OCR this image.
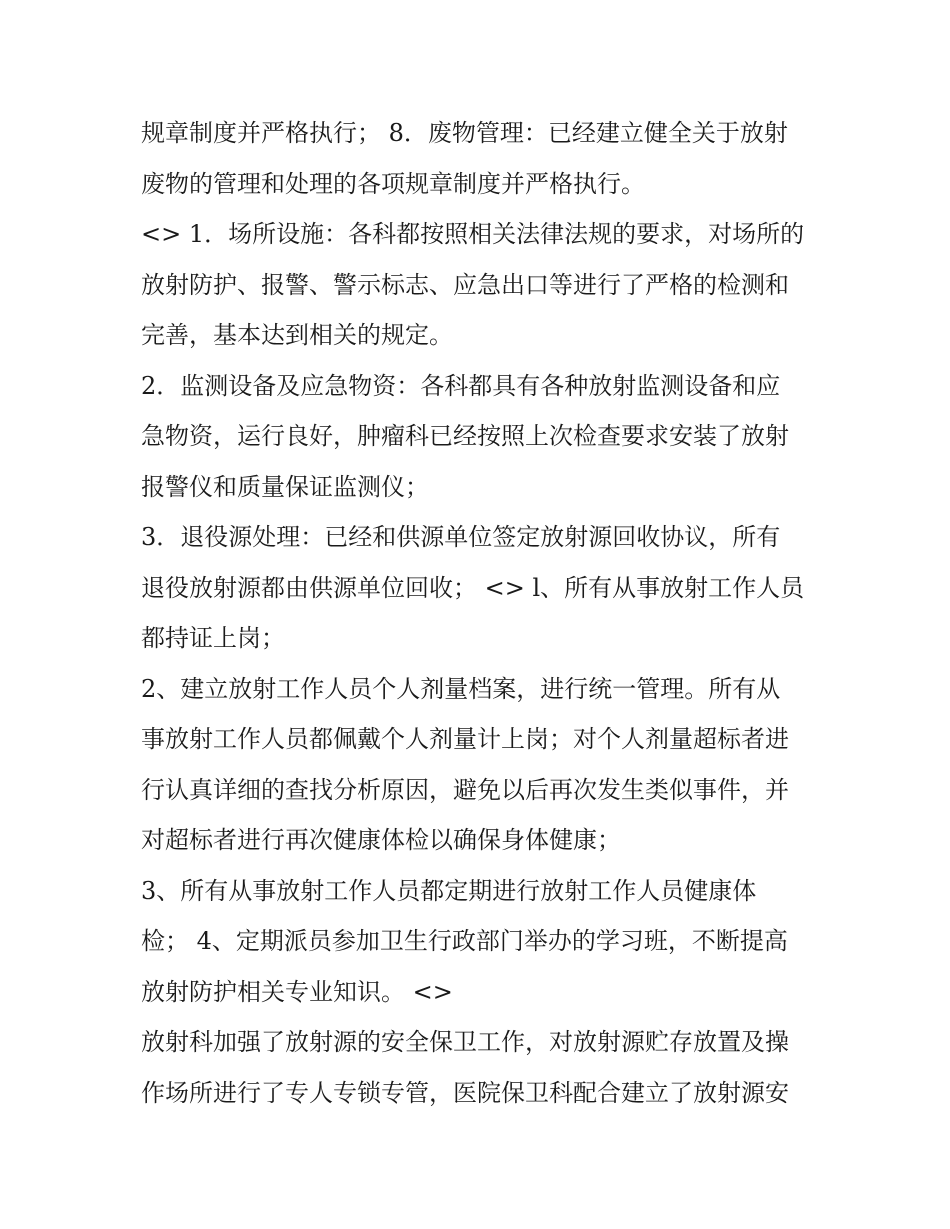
规章制度并严格执行； 8．废物管理：已经建立健全关于放射
废物的管理和处理的各项规章制度并严格执行。
<> 1．场所设施：各科都按照相关法律法规的要求，对场所的
放射防护、报警、警示标志、应急出口等进行了严格的检测和
完善，基本达到相关的规定。
2．监测设备及应急物资：各科都具有各种放射监测设备和应
急物资，运行良好，肿瘤科已经按照上次检查要求安装了放射
报警仪和质量保证监测仪；
3．退役源处理：已经和供源单位签定放射源回收协议，所有
退役放射源都由供源单位回收； <> l、所有从事放射工作人员
都持证上岗；
2、建立放射工作人员个人剂量档案，进行统一管理。所有从
事放射工作人员都佩戴个人剂量计上岗；对个人剂量超标者进
行认真详细的查找分析原因，避免以后再次发生类似事件，并
对超标者进行再次健康体检以确保身体健康；
3、所有从事放射工作人员都定期进行放射工作人员健康体
检； 4、定期派员参加卫生行政部门举办的学习班，不断提高
放射防护相关专业知识。 <>
放射科加强了放射源的安全保卫工作，对放射源贮存放置及操
作场所进行了专人专锁专管，医院保卫科配合建立了放射源安
